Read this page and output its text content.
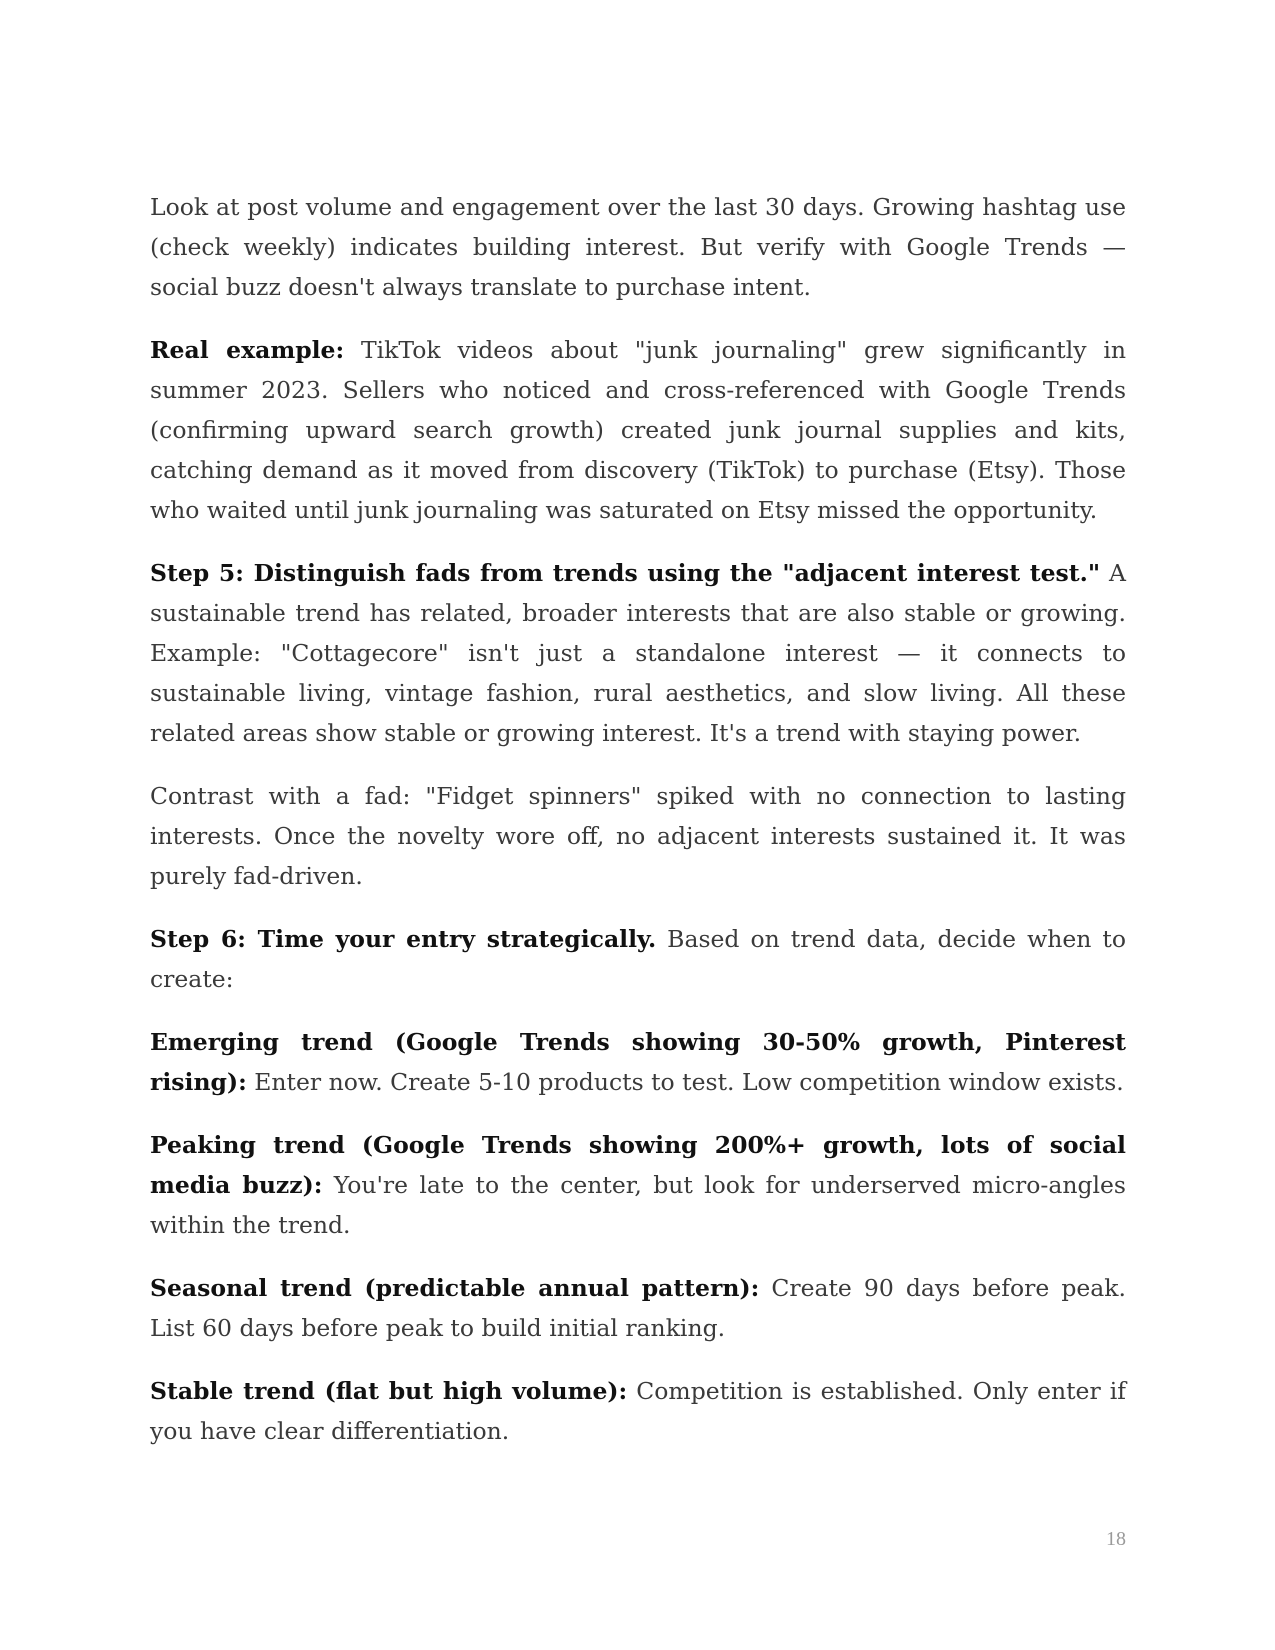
Look at post volume and engagement over the last 30 days. Growing hashtag use (check weekly) indicates building interest. But verify with Google Trends — social buzz doesn't always translate to purchase intent.

Real example: TikTok videos about "junk journaling" grew significantly in summer 2023. Sellers who noticed and cross-referenced with Google Trends (confirming upward search growth) created junk journal supplies and kits, catching demand as it moved from discovery (TikTok) to purchase (Etsy). Those who waited until junk journaling was saturated on Etsy missed the opportunity.

Step 5: Distinguish fads from trends using the "adjacent interest test." A sustainable trend has related, broader interests that are also stable or growing. Example: "Cottagecore" isn't just a standalone interest — it connects to sustainable living, vintage fashion, rural aesthetics, and slow living. All these related areas show stable or growing interest. It's a trend with staying power.

Contrast with a fad: "Fidget spinners" spiked with no connection to lasting interests. Once the novelty wore off, no adjacent interests sustained it. It was purely fad-driven.

Step 6: Time your entry strategically. Based on trend data, decide when to create:

Emerging trend (Google Trends showing 30-50% growth, Pinterest rising): Enter now. Create 5-10 products to test. Low competition window exists.

Peaking trend (Google Trends showing 200%+ growth, lots of social media buzz): You're late to the center, but look for underserved micro-angles within the trend.

Seasonal trend (predictable annual pattern): Create 90 days before peak. List 60 days before peak to build initial ranking.

Stable trend (flat but high volume): Competition is established. Only enter if you have clear differentiation.

18
